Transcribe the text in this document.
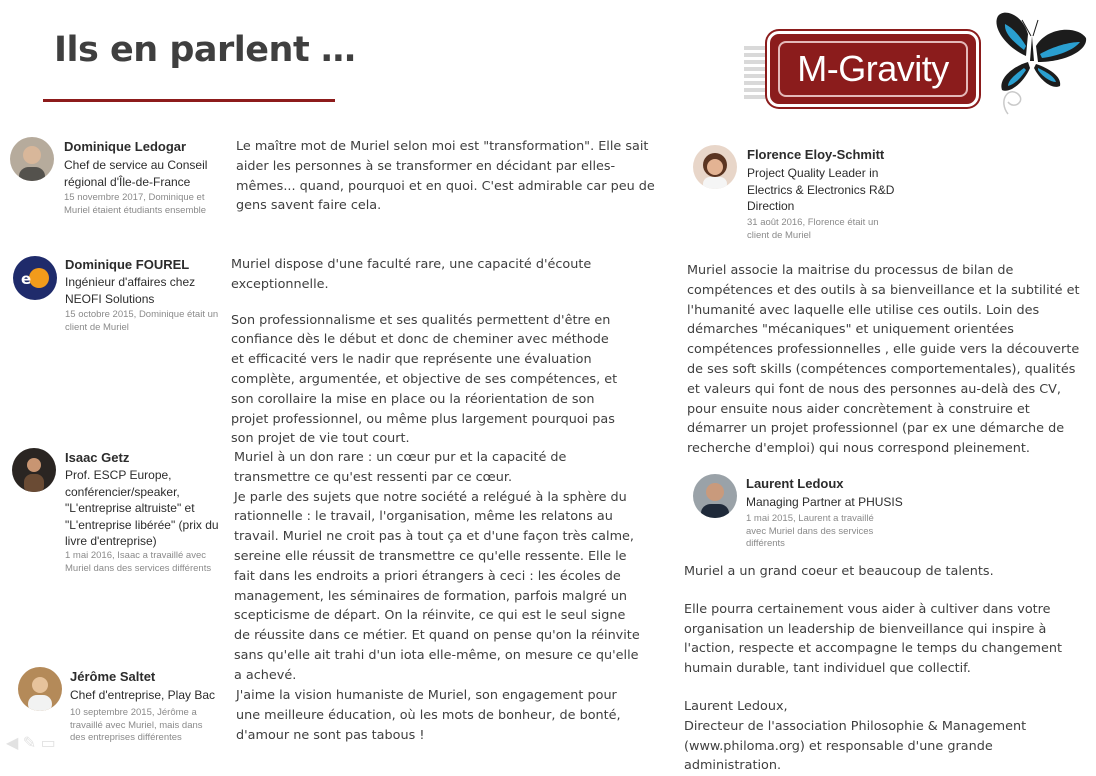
Ils en parlent …	M-Gravity
Dominique Ledogar
Chef de service au Conseil régional d'Île-de-France
15 novembre 2017, Dominique et Muriel étaient étudiants ensemble

Le maître mot de Muriel selon moi est "transformation". Elle sait aider les personnes à se transformer en décidant par elles-mêmes... quand, pourquoi et en quoi. C'est admirable car peu de gens savent faire cela.

e
Dominique FOUREL
Ingénieur d'affaires chez NEOFI Solutions
15 octobre 2015, Dominique était un client de Muriel

Muriel dispose d'une faculté rare, une capacité d'écoute exceptionnelle.

Son professionnalisme et ses qualités permettent d'être en confiance dès le début et donc de cheminer avec méthode et efficacité vers le nadir que représente une évaluation complète, argumentée, et objective de ses compétences, et son corollaire la mise en place ou la réorientation de son projet professionnel, ou même plus largement pourquoi pas son projet de vie tout court.

Isaac Getz
Prof. ESCP Europe, conférencier/speaker, "L'entreprise altruiste" et "L'entreprise libérée" (prix du livre d'entreprise)
1 mai 2016, Isaac a travaillé avec Muriel dans des services différents

Muriel à un don rare : un cœur pur et la capacité de transmettre ce qu'est ressenti par ce cœur.

Je parle des sujets que notre société a relégué à la sphère du rationnelle : le travail, l'organisation, même les relatons au travail. Muriel ne croit pas à tout ça et d'une façon très calme, sereine elle réussit de transmettre ce qu'elle ressente. Elle le fait dans les endroits a priori étrangers à ceci : les écoles de management, les séminaires de formation, parfois malgré un scepticisme de départ. On la réinvite, ce qui est le seul signe de réussite dans ce métier. Et quand on pense qu'on la réinvite sans qu'elle ait trahi d'un iota elle-même, on mesure ce qu'elle a achevé.

Jérôme Saltet
Chef d'entreprise, Play Bac
10 septembre 2015, Jérôme a travaillé avec Muriel, mais dans des entreprises différentes

J'aime la vision humaniste de Muriel, son engagement pour une meilleure éducation, où les mots de bonheur, de bonté, d'amour ne sont pas tabous !

Florence Eloy-Schmitt
Project Quality Leader in Electrics & Electronics R&D Direction
31 août 2016, Florence était un client de Muriel

Muriel associe la maitrise du processus de bilan de compétences et des outils à sa bienveillance et la subtilité et l'humanité avec laquelle elle utilise ces outils. Loin des démarches "mécaniques" et uniquement orientées compétences professionnelles , elle guide vers la découverte de ses soft skills (compétences comportementales), qualités et valeurs qui font de nous des personnes au-delà des CV, pour ensuite nous aider concrètement à construire et démarrer un projet professionnel (par ex une démarche de recherche d'emploi) qui nous correspond pleinement.

Laurent Ledoux
Managing Partner at PHUSIS
1 mai 2015, Laurent a travaillé avec Muriel dans des services différents

Muriel a un grand coeur et beaucoup de talents.

Elle pourra certainement vous aider à cultiver dans votre organisation un leadership de bienveillance qui inspire à l'action, respecte et accompagne le temps du changement humain durable, tant individuel que collectif.

Laurent Ledoux,

Directeur de l'association Philosophie & Management (www.philoma.org) et responsable d'une grande administration.

◀ ✎ ▭
